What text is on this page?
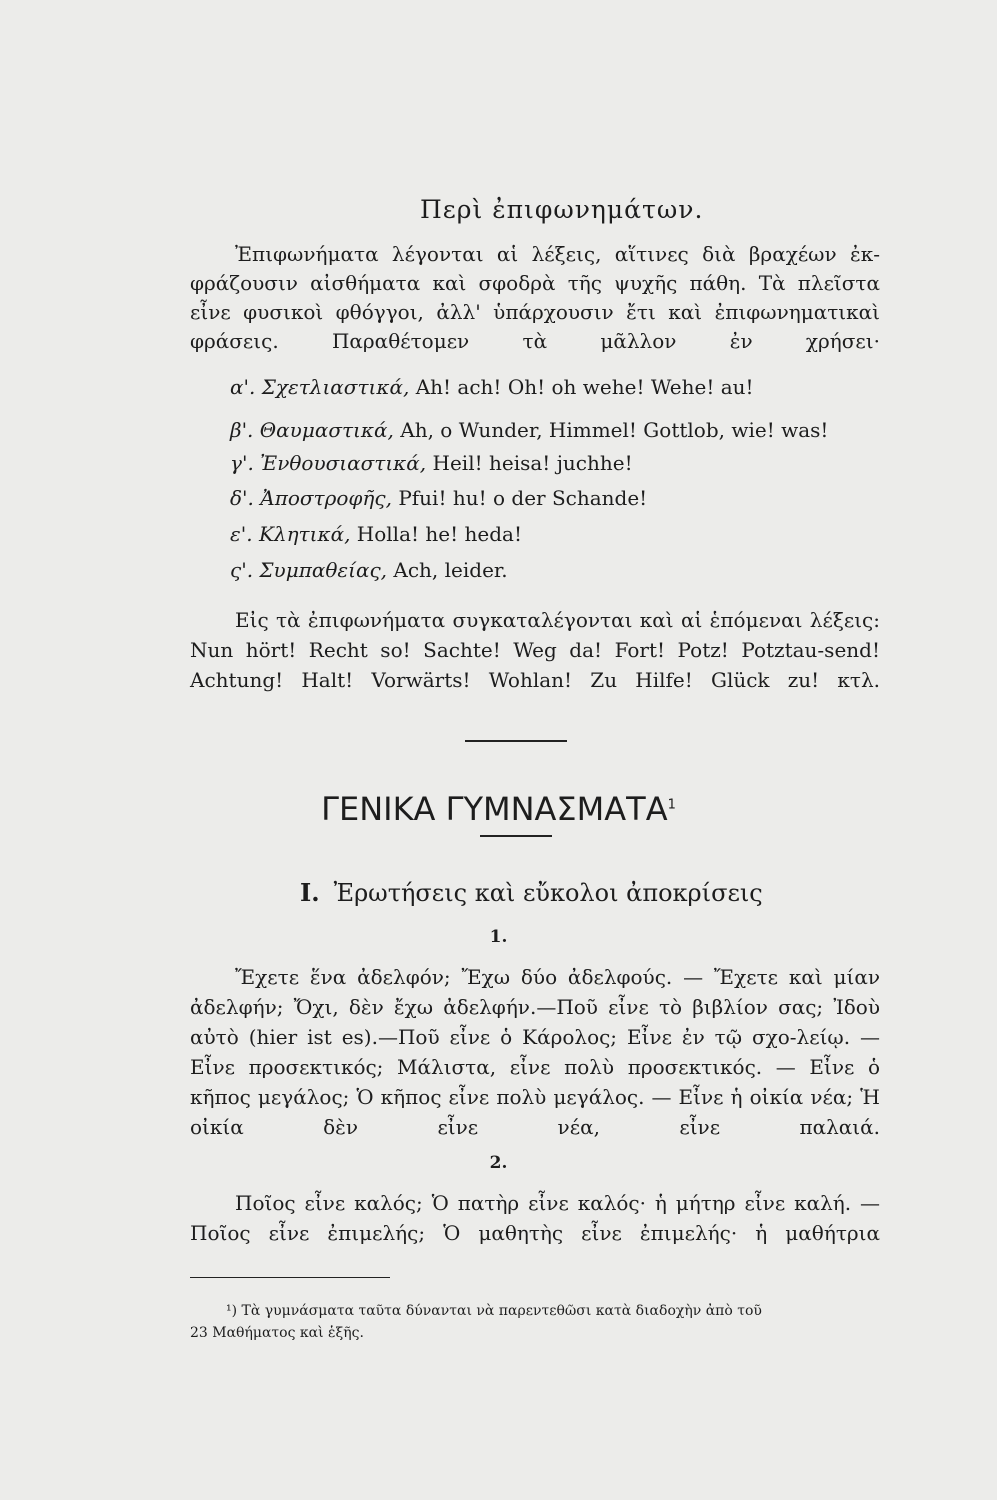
Περὶ ἐπιφωνημάτων.
Ἐπιφωνήματα λέγονται αἱ λέξεις, αἵτινες διὰ βραχέων ἐκ-φράζουσιν αἰσθήματα καὶ σφοδρὰ τῆς ψυχῆς πάθη. Τὰ πλεῖστα εἶνε φυσικοὶ φθόγγοι, ἀλλ' ὑπάρχουσιν ἔτι καὶ ἐπιφωνηματικαὶ φράσεις. Παραθέτομεν τὰ μᾶλλον ἐν χρήσει·
α'. Σχετλιαστικά, Ah! ach! Oh! oh wehe! Wehe! au!
β'. Θαυμαστικά, Ah, o Wunder, Himmel! Gottlob, wie! was!
γ'. Ἐνθουσιαστικά, Heil! heisa! juchhe!
δ'. Ἀποστροφῆς, Pfui! hu! o der Schande!
ε'. Κλητικά, Holla! he! heda!
ς'. Συμπαθείας, Ach, leider.
Εἰς τὰ ἐπιφωνήματα συγκαταλέγονται καὶ αἱ ἑπόμεναι λέξεις: Nun hört! Recht so! Sachte! Weg da! Fort! Potz! Potztau-send! Achtung! Halt! Vorwärts! Wohlan! Zu Hilfe! Glück zu! κτλ.
ΓΕΝΙΚΑ ΓΥΜΝΑΣΜΑΤΑ$^1$
I. Ἐρωτήσεις καὶ εὔκολοι ἀποκρίσεις
1.
Ἔχετε ἕνα ἀδελφόν; Ἔχω δύο ἀδελφούς. — Ἔχετε καὶ μίαν ἀδελφήν; Ὄχι, δὲν ἔχω ἀδελφήν.—Ποῦ εἶνε τὸ βιβλίον σας; Ἰδοὺ αὐτὸ (hier ist es).—Ποῦ εἶνε ὁ Κάρολος; Εἶνε ἐν τῷ σχο-λείῳ. — Εἶνε προσεκτικός; Μάλιστα, εἶνε πολὺ προσεκτικός. — Εἶνε ὁ κῆπος μεγάλος; Ὁ κῆπος εἶνε πολὺ μεγάλος. — Εἶνε ἡ οἰκία νέα; Ἡ οἰκία δὲν εἶνε νέα, εἶνε παλαιά.
2.
Ποῖος εἶνε καλός; Ὁ πατὴρ εἶνε καλός· ἡ μήτηρ εἶνε καλή. — Ποῖος εἶνε ἐπιμελής; Ὁ μαθητὴς εἶνε ἐπιμελής· ἡ μαθήτρια
¹) Τὰ γυμνάσματα ταῦτα δύνανται νὰ παρεντεθῶσι κατὰ διαδοχὴν ἀπὸ τοῦ
23 Μαθήματος καὶ ἑξῆς.
